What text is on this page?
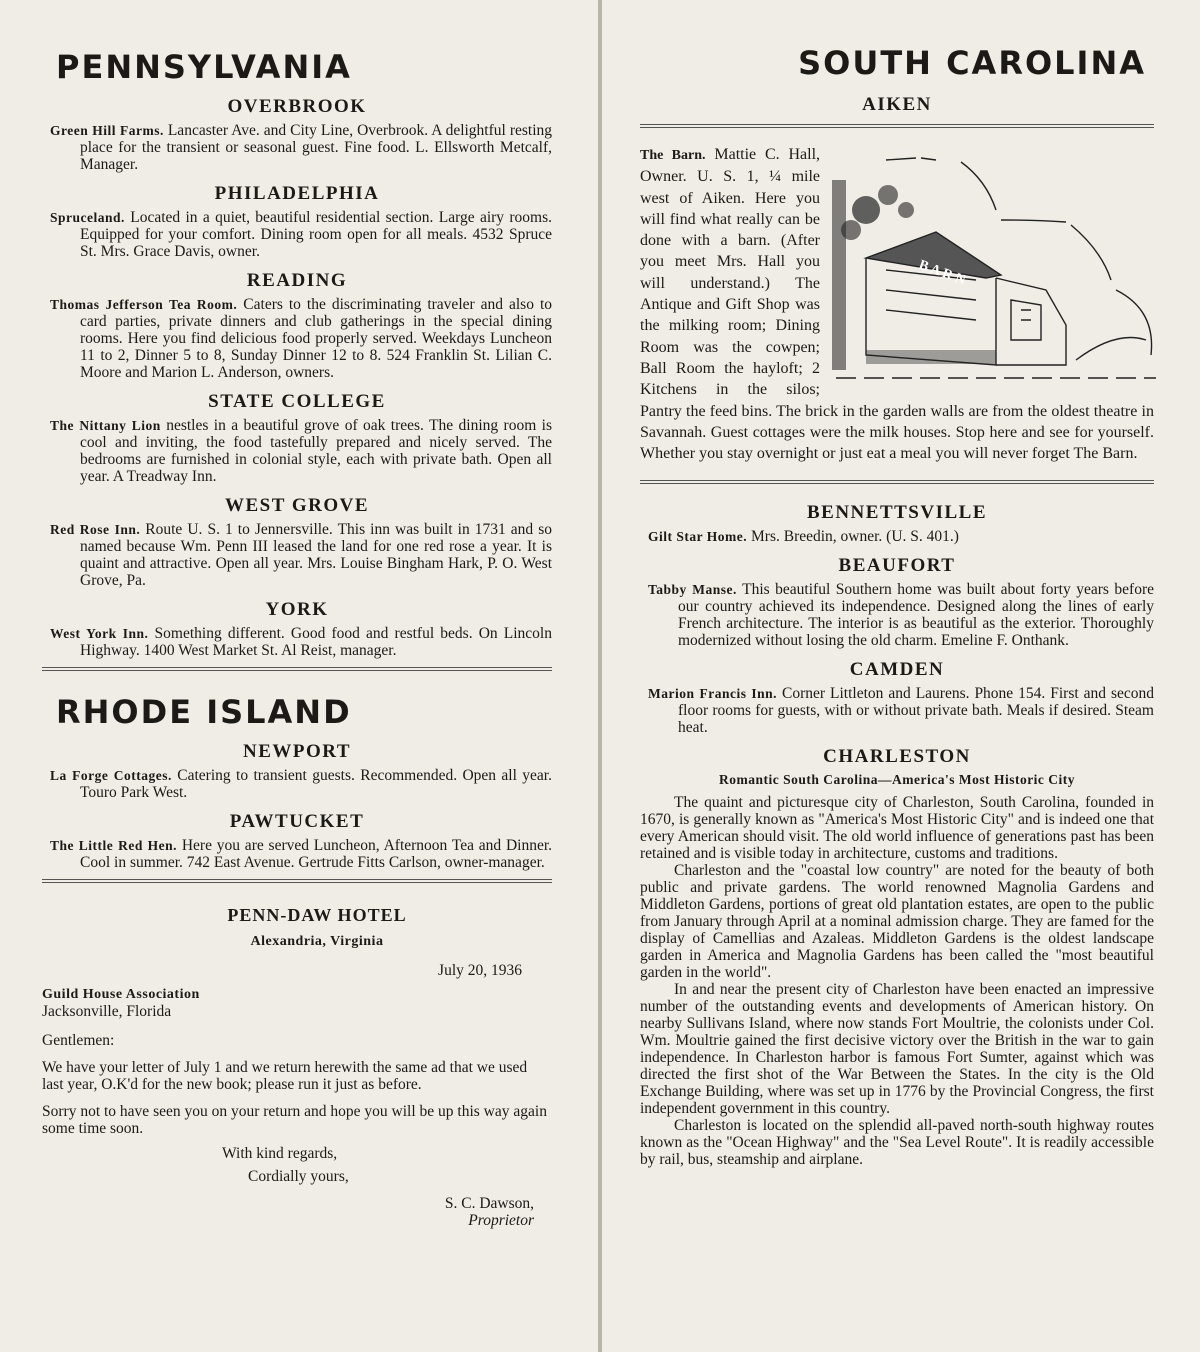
PENNSYLVANIA
OVERBROOK

Green Hill Farms. Lancaster Ave. and City Line, Overbrook. A delightful resting place for the transient or seasonal guest. Fine food. L. Ellsworth Metcalf, Manager.

PHILADELPHIA

Spruceland. Located in a quiet, beautiful residential section. Large airy rooms. Equipped for your comfort. Dining room open for all meals. 4532 Spruce St. Mrs. Grace Davis, owner.

READING

Thomas Jefferson Tea Room. Caters to the discriminating traveler and also to card parties, private dinners and club gatherings in the special dining rooms. Here you find delicious food properly served. Weekdays Luncheon 11 to 2, Dinner 5 to 8, Sunday Dinner 12 to 8. 524 Franklin St. Lilian C. Moore and Marion L. Anderson, owners.

STATE COLLEGE

The Nittany Lion nestles in a beautiful grove of oak trees. The dining room is cool and inviting, the food tastefully prepared and nicely served. The bedrooms are furnished in colonial style, each with private bath. Open all year. A Treadway Inn.

WEST GROVE

Red Rose Inn. Route U. S. 1 to Jennersville. This inn was built in 1731 and so named because Wm. Penn III leased the land for one red rose a year. It is quaint and attractive. Open all year. Mrs. Louise Bingham Hark, P. O. West Grove, Pa.

YORK

West York Inn. Something different. Good food and restful beds. On Lincoln Highway. 1400 West Market St. Al Reist, manager.

RHODE ISLAND
NEWPORT

La Forge Cottages. Catering to transient guests. Recommended. Open all year. Touro Park West.

PAWTUCKET

The Little Red Hen. Here you are served Luncheon, Afternoon Tea and Dinner. Cool in summer. 742 East Avenue. Gertrude Fitts Carlson, owner-manager.

PENN-DAW HOTEL
Alexandria, Virginia

July 20, 1936

Guild House Association

Jacksonville, Florida

Gentlemen:

We have your letter of July 1 and we return herewith the same ad that we used last year, O.K'd for the new book; please run it just as before.

Sorry not to have seen you on your return and hope you will be up this way again some time soon.

With kind regards,

Cordially yours,

S. C. Dawson,

Proprietor

SOUTH CAROLINA
AIKEN
B A R N

The Barn. Mattie C. Hall, Owner. U. S. 1, ¼ mile west of Aiken. Here you will find what really can be done with a barn. (After you meet Mrs. Hall you will understand.) The Antique and Gift Shop was the milking room; Dining Room was the cowpen; Ball Room the hayloft; 2 Kitchens in the silos; Pantry the feed bins. The brick in the garden walls are from the oldest theatre in Savannah. Guest cottages were the milk houses. Stop here and see for yourself. Whether you stay overnight or just eat a meal you will never forget The Barn.

BENNETTSVILLE

Gilt Star Home. Mrs. Breedin, owner. (U. S. 401.)

BEAUFORT

Tabby Manse. This beautiful Southern home was built about forty years before our country achieved its independence. Designed along the lines of early French architecture. The interior is as beautiful as the exterior. Thoroughly modernized without losing the old charm. Emeline F. Onthank.

CAMDEN

Marion Francis Inn. Corner Littleton and Laurens. Phone 154. First and second floor rooms for guests, with or without private bath. Meals if desired. Steam heat.

CHARLESTON
Romantic South Carolina—America's Most Historic City

The quaint and picturesque city of Charleston, South Carolina, founded in 1670, is generally known as "America's Most Historic City" and is indeed one that every American should visit. The old world influence of generations past has been retained and is visible today in architecture, customs and traditions.

Charleston and the "coastal low country" are noted for the beauty of both public and private gardens. The world renowned Magnolia Gardens and Middleton Gardens, portions of great old plantation estates, are open to the public from January through April at a nominal admission charge. They are famed for the display of Camellias and Azaleas. Middleton Gardens is the oldest landscape garden in America and Magnolia Gardens has been called the "most beautiful garden in the world".

In and near the present city of Charleston have been enacted an impressive number of the outstanding events and developments of American history. On nearby Sullivans Island, where now stands Fort Moultrie, the colonists under Col. Wm. Moultrie gained the first decisive victory over the British in the war to gain independence. In Charleston harbor is famous Fort Sumter, against which was directed the first shot of the War Between the States. In the city is the Old Exchange Building, where was set up in 1776 by the Provincial Congress, the first independent government in this country.

Charleston is located on the splendid all-paved north-south highway routes known as the "Ocean Highway" and the "Sea Level Route". It is readily accessible by rail, bus, steamship and airplane.
